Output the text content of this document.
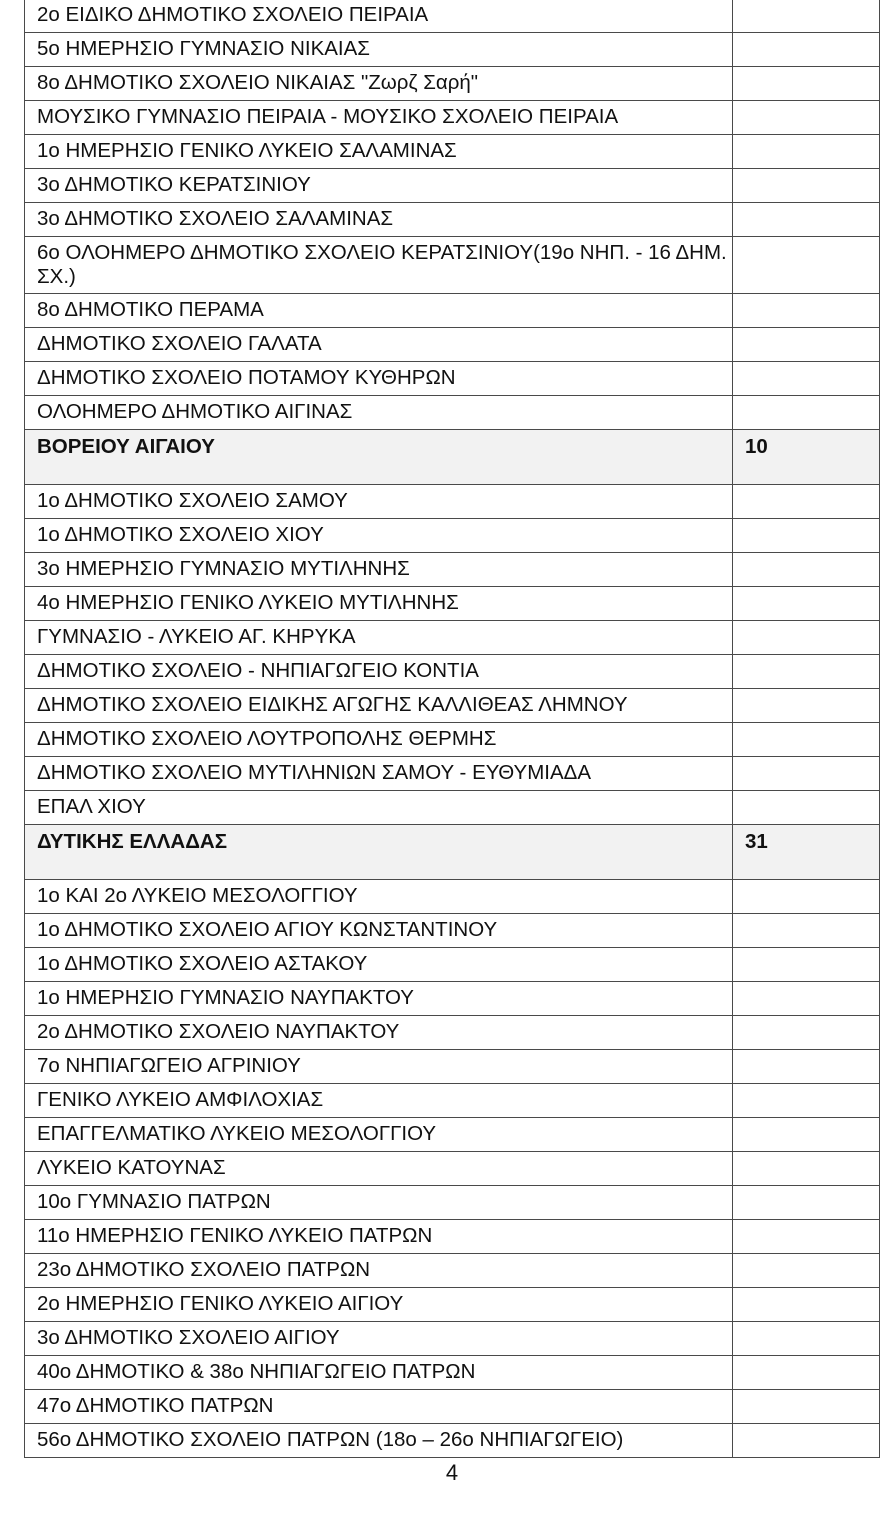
2ο ΕΙΔΙΚΟ ΔΗΜΟΤΙΚΟ ΣΧΟΛΕΙΟ ΠΕΙΡΑΙΑ	
5ο ΗΜΕΡΗΣΙΟ ΓΥΜΝΑΣΙΟ ΝΙΚΑΙΑΣ	
8ο ΔΗΜΟΤΙΚΟ ΣΧΟΛΕΙΟ ΝΙΚΑΙΑΣ "Ζωρζ Σαρή"	
ΜΟΥΣΙΚΟ ΓΥΜΝΑΣΙΟ ΠΕΙΡΑΙΑ - ΜΟΥΣΙΚΟ ΣΧΟΛΕΙΟ ΠΕΙΡΑΙΑ	
1ο ΗΜΕΡΗΣΙΟ ΓΕΝΙΚΟ ΛΥΚΕΙΟ ΣΑΛΑΜΙΝΑΣ	
3ο ΔΗΜΟΤΙΚΟ ΚΕΡΑΤΣΙΝΙΟΥ	
3ο ΔΗΜΟΤΙΚΟ ΣΧΟΛΕΙΟ ΣΑΛΑΜΙΝΑΣ	
6ο ΟΛΟΗΜΕΡΟ ΔΗΜΟΤΙΚΟ ΣΧΟΛΕΙΟ ΚΕΡΑΤΣΙΝΙΟΥ(19ο ΝΗΠ. - 16 ΔΗΜ. ΣΧ.)	
8ο ΔΗΜΟΤΙΚΟ ΠΕΡΑΜΑ	
ΔΗΜΟΤΙΚΟ ΣΧΟΛΕΙΟ ΓΑΛΑΤΑ	
ΔΗΜΟΤΙΚΟ ΣΧΟΛΕΙΟ ΠΟΤΑΜΟΥ ΚΥΘΗΡΩΝ	
ΟΛΟΗΜΕΡΟ ΔΗΜΟΤΙΚΟ ΑΙΓΙΝΑΣ	
ΒΟΡΕΙΟΥ ΑΙΓΑΙΟΥ	10
1ο ΔΗΜΟΤΙΚΟ ΣΧΟΛΕΙΟ ΣΑΜΟΥ	
1ο ΔΗΜΟΤΙΚΟ ΣΧΟΛΕΙΟ ΧΙΟΥ	
3ο ΗΜΕΡΗΣΙΟ ΓΥΜΝΑΣΙΟ ΜΥΤΙΛΗΝΗΣ	
4ο ΗΜΕΡΗΣΙΟ ΓΕΝΙΚΟ ΛΥΚΕΙΟ ΜΥΤΙΛΗΝΗΣ	
ΓΥΜΝΑΣΙΟ - ΛΥΚΕΙΟ ΑΓ. ΚΗΡΥΚΑ	
ΔΗΜΟΤΙΚΟ ΣΧΟΛΕΙΟ - ΝΗΠΙΑΓΩΓΕΙΟ ΚΟΝΤΙΑ	
ΔΗΜΟΤΙΚΟ ΣΧΟΛΕΙΟ ΕΙΔΙΚΗΣ ΑΓΩΓΗΣ ΚΑΛΛΙΘΕΑΣ ΛΗΜΝΟΥ	
ΔΗΜΟΤΙΚΟ ΣΧΟΛΕΙΟ ΛΟΥΤΡΟΠΟΛΗΣ ΘΕΡΜΗΣ	
ΔΗΜΟΤΙΚΟ ΣΧΟΛΕΙΟ ΜΥΤΙΛΗΝΙΩΝ ΣΑΜΟΥ - ΕΥΘΥΜΙΑΔΑ	
ΕΠΑΛ ΧΙΟΥ	
ΔΥΤΙΚΗΣ ΕΛΛΑΔΑΣ	31
1ο ΚΑΙ 2ο ΛΥΚΕΙΟ ΜΕΣΟΛΟΓΓΙΟΥ	
1ο ΔΗΜΟΤΙΚΟ ΣΧΟΛΕΙΟ ΑΓΙΟΥ ΚΩΝΣΤΑΝΤΙΝΟΥ	
1ο ΔΗΜΟΤΙΚΟ ΣΧΟΛΕΙΟ ΑΣΤΑΚΟΥ	
1ο ΗΜΕΡΗΣΙΟ ΓΥΜΝΑΣΙΟ ΝΑΥΠΑΚΤΟΥ	
2ο ΔΗΜΟΤΙΚΟ ΣΧΟΛΕΙΟ ΝΑΥΠΑΚΤΟΥ	
7ο ΝΗΠΙΑΓΩΓΕΙΟ ΑΓΡΙΝΙΟΥ	
ΓΕΝΙΚΟ ΛΥΚΕΙΟ ΑΜΦΙΛΟΧΙΑΣ	
ΕΠΑΓΓΕΛΜΑΤΙΚΟ ΛΥΚΕΙΟ ΜΕΣΟΛΟΓΓΙΟΥ	
ΛΥΚΕΙΟ ΚΑΤΟΥΝΑΣ	
10ο ΓΥΜΝΑΣΙΟ ΠΑΤΡΩΝ	
11ο ΗΜΕΡΗΣΙΟ ΓΕΝΙΚΟ ΛΥΚΕΙΟ ΠΑΤΡΩΝ	
23ο ΔΗΜΟΤΙΚΟ ΣΧΟΛΕΙΟ ΠΑΤΡΩΝ	
2ο ΗΜΕΡΗΣΙΟ ΓΕΝΙΚΟ ΛΥΚΕΙΟ ΑΙΓΙΟΥ	
3ο ΔΗΜΟΤΙΚΟ ΣΧΟΛΕΙΟ ΑΙΓΙΟΥ	
40ο ΔΗΜΟΤΙΚΟ & 38ο ΝΗΠΙΑΓΩΓΕΙΟ ΠΑΤΡΩΝ	
47ο ΔΗΜΟΤΙΚΟ ΠΑΤΡΩΝ	
56ο ΔΗΜΟΤΙΚΟ ΣΧΟΛΕΙΟ ΠΑΤΡΩΝ (18ο – 26ο ΝΗΠΙΑΓΩΓΕΙΟ)	
4
